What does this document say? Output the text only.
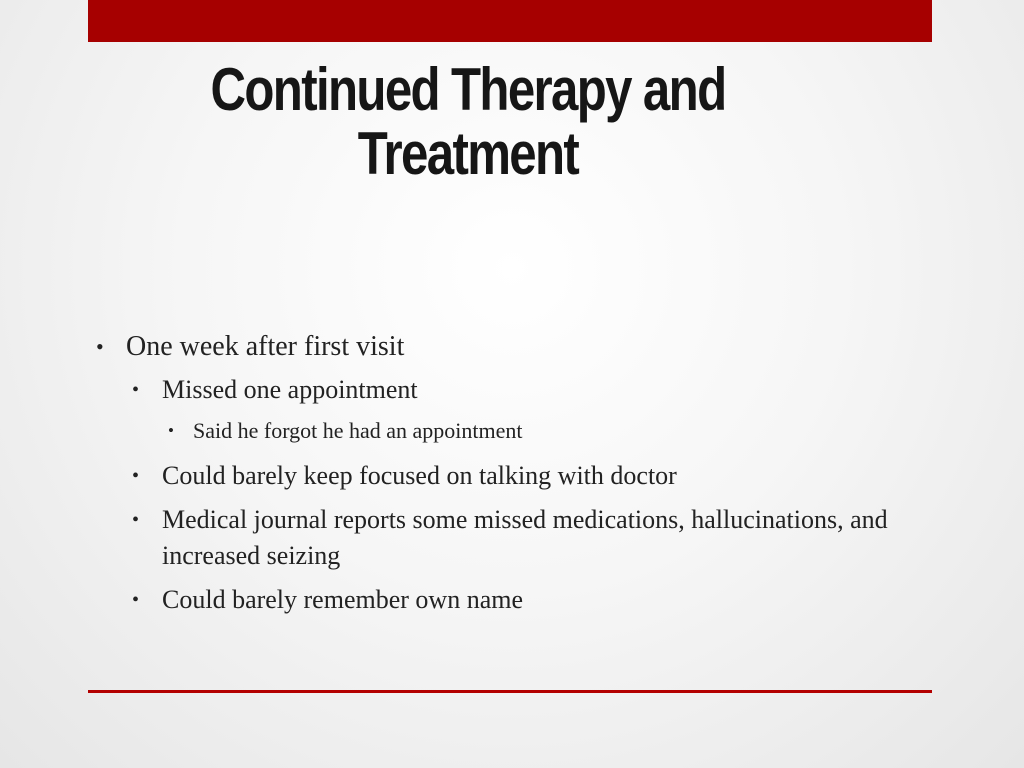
Continued Therapy and
Treatment

• One week after first visit

• Missed one appointment

• Said he forgot he had an appointment

• Could barely keep focused on talking with doctor

• Medical journal reports some missed medications, hallucinations, and increased seizing

• Could barely remember own name
